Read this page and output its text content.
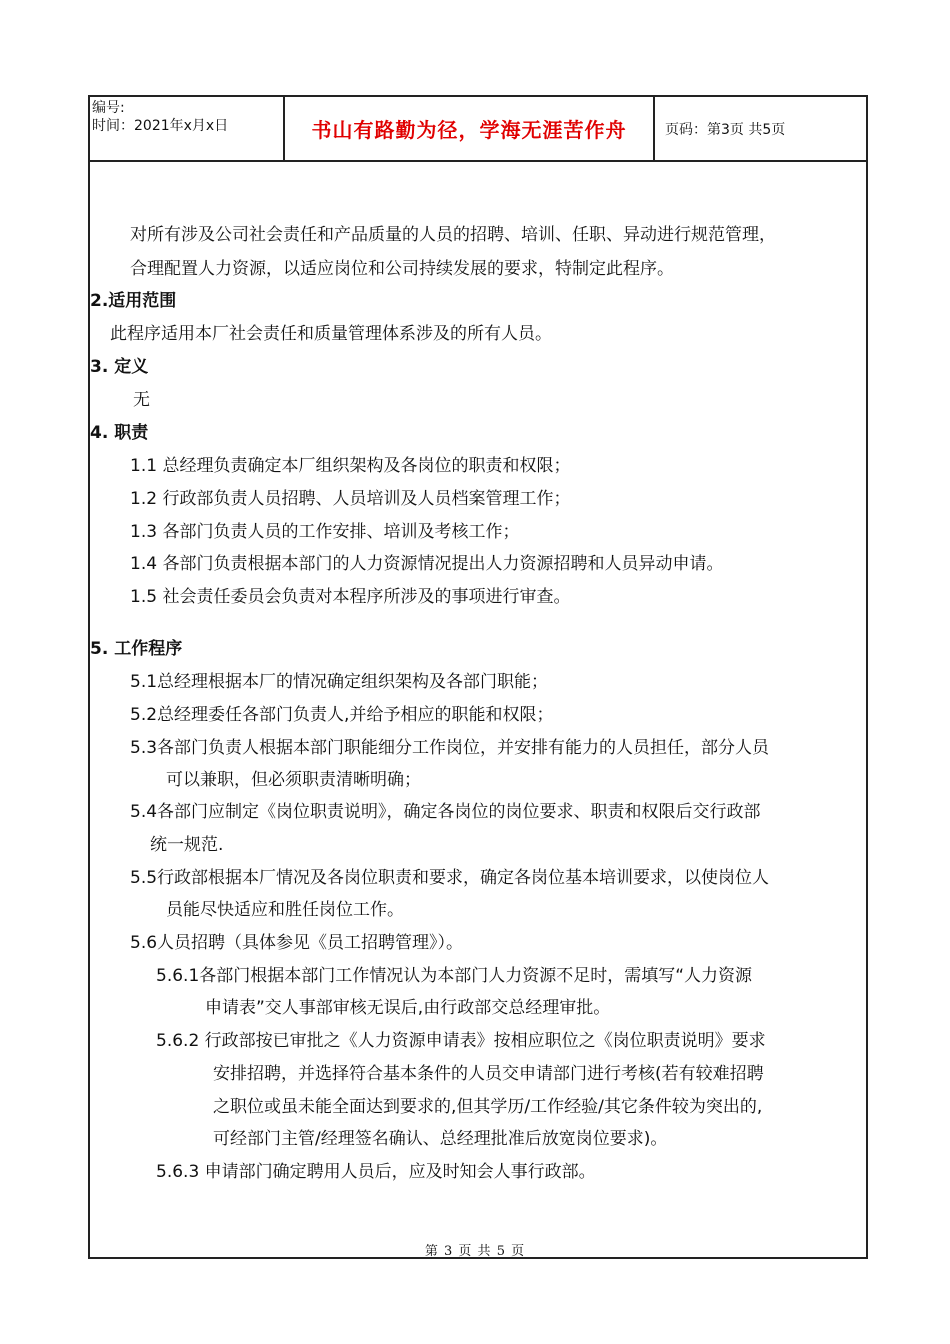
编号:
时间：2021年x月x日	书山有路勤为径，学海无涯苦作舟	页码：第3页 共5页
对所有涉及公司社会责任和产品质量的人员的招聘、培训、任职、异动进行规范管理，
合理配置人力资源，以适应岗位和公司持续发展的要求，特制定此程序。
2.适用范围
此程序适用本厂社会责任和质量管理体系涉及的所有人员。
3. 定义
无
4. 职责
1.1 总经理负责确定本厂组织架构及各岗位的职责和权限；
1.2 行政部负责人员招聘、人员培训及人员档案管理工作；
1.3 各部门负责人员的工作安排、培训及考核工作；
1.4 各部门负责根据本部门的人力资源情况提出人力资源招聘和人员异动申请。
1.5 社会责任委员会负责对本程序所涉及的事项进行审查。
5. 工作程序
5.1总经理根据本厂的情况确定组织架构及各部门职能；
5.2总经理委任各部门负责人,并给予相应的职能和权限；
5.3各部门负责人根据本部门职能细分工作岗位，并安排有能力的人员担任，部分人员
可以兼职，但必须职责清晰明确；
5.4各部门应制定《岗位职责说明》，确定各岗位的岗位要求、职责和权限后交行政部
统一规范.
5.5行政部根据本厂情况及各岗位职责和要求，确定各岗位基本培训要求，以使岗位人
员能尽快适应和胜任岗位工作。
5.6人员招聘（具体参见《员工招聘管理》）。
5.6.1各部门根据本部门工作情况认为本部门人力资源不足时，需填写“人力资源
申请表”交人事部审核无误后,由行政部交总经理审批。
5.6.2 行政部按已审批之《人力资源申请表》按相应职位之《岗位职责说明》要求
安排招聘，并选择符合基本条件的人员交申请部门进行考核(若有较难招聘
之职位或虽未能全面达到要求的,但其学历/工作经验/其它条件较为突出的,
可经部门主管/经理签名确认、总经理批准后放宽岗位要求)。
5.6.3 申请部门确定聘用人员后，应及时知会人事行政部。
第 3 页 共 5 页
